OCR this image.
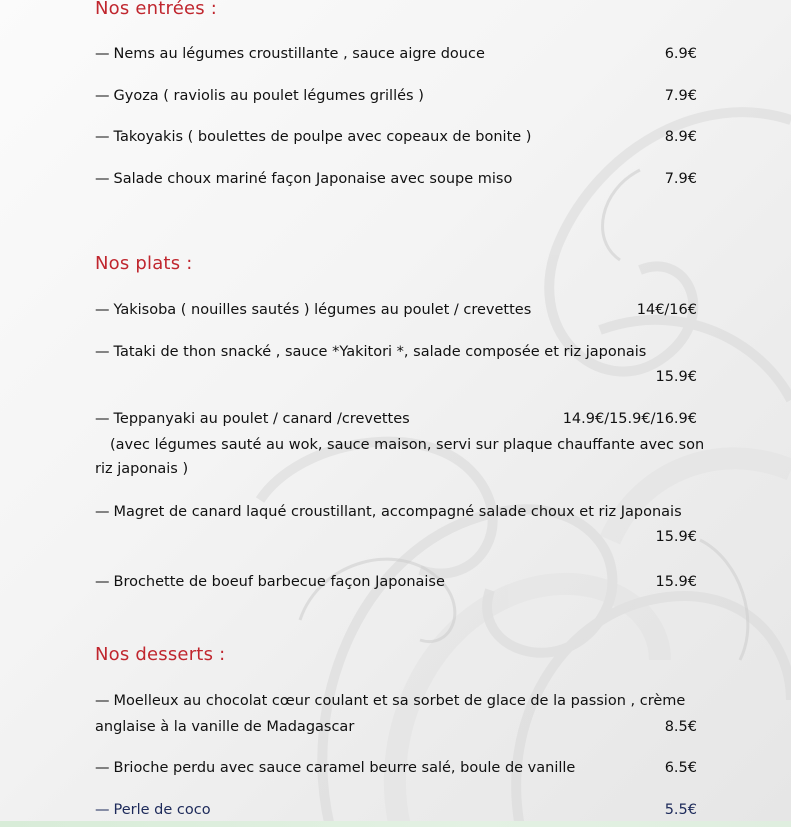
Nos entrées :
— Nems au légumes croustillante , sauce aigre douce	6.9€
— Gyoza ( raviolis au poulet légumes grillés )	7.9€
— Takoyakis ( boulettes de poulpe avec copeaux de bonite )	8.9€
— Salade choux mariné façon Japonaise avec soupe miso	7.9€
Nos plats :
— Yakisoba ( nouilles sautés ) légumes au poulet / crevettes	14€/16€
— Tataki de thon snacké , sauce *Yakitori *, salade composée et riz japonais
15.9€
— Teppanyaki au poulet / canard /crevettes	14.9€/15.9€/16.9€
(avec légumes sauté au wok, sauce maison, servi sur plaque chauffante avec son
riz japonais )
— Magret de canard laqué croustillant, accompagné salade choux et riz Japonais
15.9€
— Brochette de boeuf barbecue façon Japonaise	15.9€
Nos desserts :
— Moelleux au chocolat cœur coulant et sa sorbet de glace de la passion , crème
anglaise à la vanille de Madagascar	8.5€
— Brioche perdu avec sauce caramel beurre salé, boule de vanille	6.5€
— Perle de coco	5.5€
